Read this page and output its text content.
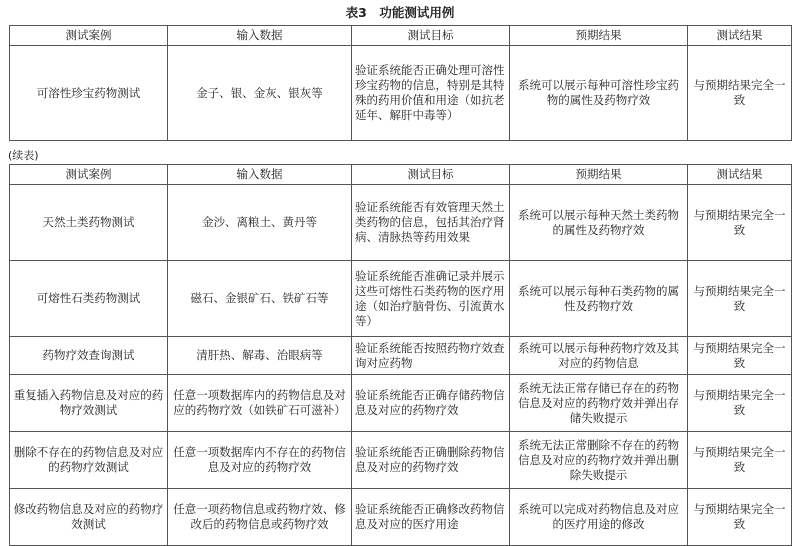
表3　功能测试用例
测试案例	输入数据	测试目标	预期结果	测试结果
可溶性珍宝药物测试	金子、银、金灰、银灰等	验证系统能否正确处理可溶性珍宝药物的信息，特别是其特殊的药用价值和用途（如抗老延年、解肝中毒等）	系统可以展示每种可溶性珍宝药物的属性及药物疗效	与预期结果完全一致
(续表)
测试案例	输入数据	测试目标	预期结果	测试结果
天然土类药物测试	金沙、离粮土、黄丹等	验证系统能否有效管理天然土类药物的信息，包括其治疗肾病、清脉热等药用效果	系统可以展示每种天然土类药物的属性及药物疗效	与预期结果完全一致
可熔性石类药物测试	磁石、金银矿石、铁矿石等	验证系统能否准确记录并展示这些可熔性石类药物的医疗用途（如治疗脑骨伤、引流黄水等）	系统可以展示每种石类药物的属性及药物疗效	与预期结果完全一致
药物疗效查询测试	清肝热、解毒、治眼病等	验证系统能否按照药物疗效查询对应药物	系统可以展示每种药物疗效及其对应的药物信息	与预期结果完全一致
重复插入药物信息及对应的药物疗效测试	任意一项数据库内的药物信息及对应的药物疗效（如铁矿石可滋补）	验证系统能否正确存储药物信息及对应的药物疗效	系统无法正常存储已存在的药物信息及对应的药物疗效并弹出存储失败提示	与预期结果完全一致
删除不存在的药物信息及对应的药物疗效测试	任意一项数据库内不存在的药物信息及对应的药物疗效	验证系统能否正确删除药物信息及对应的药物疗效	系统无法正常删除不存在的药物信息及对应的药物疗效并弹出删除失败提示	与预期结果完全一致
修改药物信息及对应的药物疗效测试	任意一项药物信息或药物疗效、修改后的药物信息或药物疗效	验证系统能否正确修改药物信息及对应的医疗用途	系统可以完成对药物信息及对应的医疗用途的修改	与预期结果完全一致
